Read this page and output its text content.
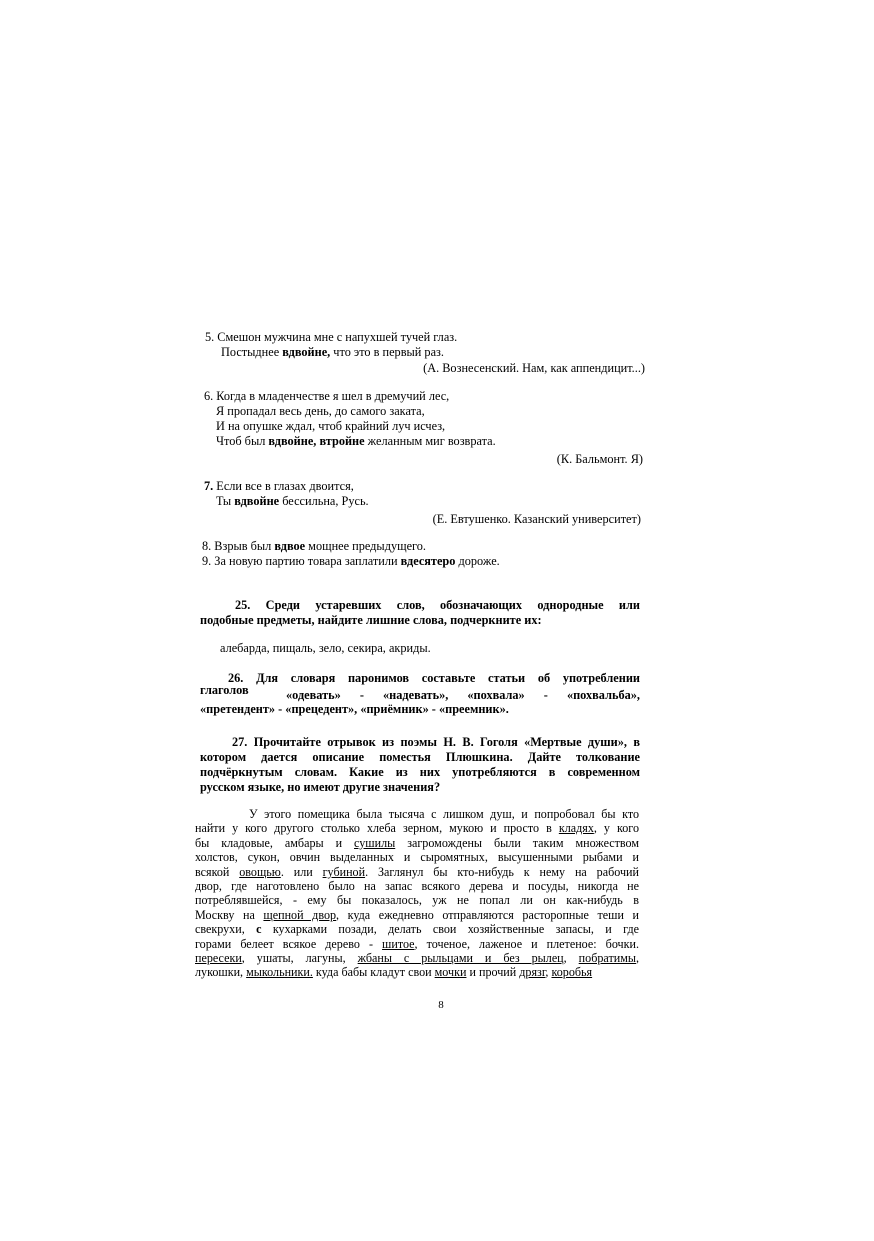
5. Смешон мужчина мне с напухшей тучей глаз.
Постыднее вдвойне, что это в первый раз.
(А. Вознесенский. Нам, как аппендицит...)
6. Когда в младенчестве я шел в дремучий лес,
Я пропадал весь день, до самого заката,
И на опушке ждал, чтоб крайний луч исчез,
Чтоб был вдвойне, втройне желанным миг возврата.
(К. Бальмонт. Я)
7. Если все в глазах двоится,
Ты вдвойне бессильна, Русь.
(Е. Евтушенко. Казанский университет)
8. Взрыв был вдвое мощнее предыдущего.
9. За новую партию товара заплатили вдесятеро дороже.
25. Среди устаревших слов, обозначающих однородные или
подобные предметы, найдите лишние слова, подчеркните их:
алебарда, пищаль, зело, секира, акриды.
26. Для словаря паронимов составьте статьи об употреблении
глаголов	«одевать» - «надевать», «похвала» - «похвальба»,
«претендент» - «прецедент», «приёмник» - «преемник».
27. Прочитайте отрывок из поэмы Н. В. Гоголя «Мертвые души», в
котором дается описание поместья Плюшкина. Дайте толкование
подчёркнутым словам. Какие из них употребляются в современном
русском языке, но имеют другие значения?
У этого помещика была тысяча с лишком душ, и попробовал бы кто
найти у кого другого столько хлеба зерном, мукою и просто в кладях, у кого
бы кладовые, амбары и сушилы загромождены были таким множеством
холстов, сукон, овчин выделанных и сыромятных, высушенными рыбами и
всякой овощью. или губиной. Заглянул бы кто-нибудь к нему на рабочий
двор, где наготовлено было на запас всякого дерева и посуды, никогда не
потреблявшейся, - ему бы показалось, уж не попал ли он как-нибудь в
Москву на щепной двор, куда ежедневно отправляются расторопные теши и
свекрухи, с кухарками позади, делать свои хозяйственные запасы, и где
горами белеет всякое дерево - шитое, точеное, лаженое и плетеное: бочки.
пересеки, ушаты, лагуны, жбаны с рыльцами и без рылец, побратимы,
лукошки, мыкольники. куда бабы кладут свои мочки и прочий дрязг, коробья
8
